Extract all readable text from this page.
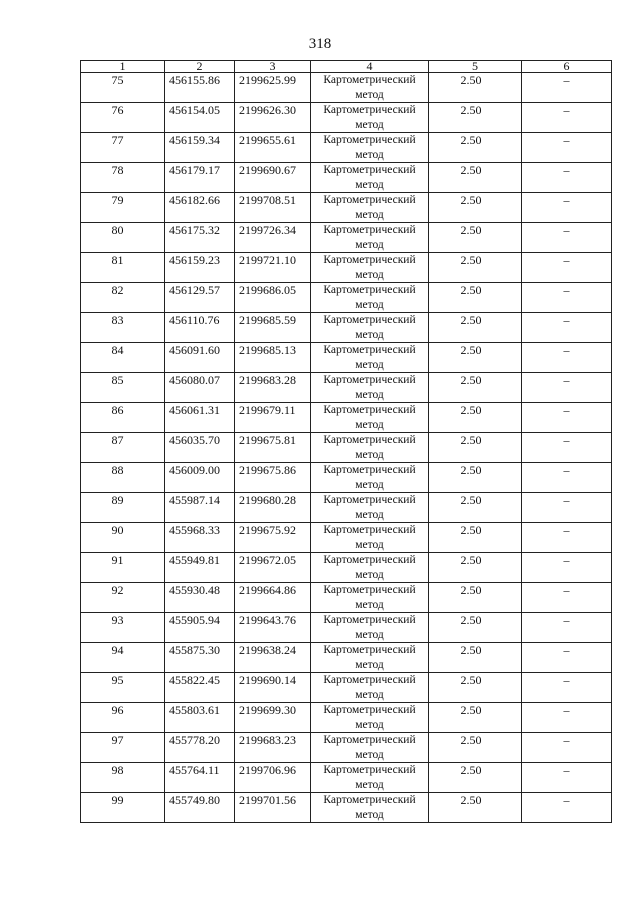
318
1	2	3	4	5	6
75	456155.86	2199625.99	Картометрический метод	2.50	–
76	456154.05	2199626.30	Картометрический метод	2.50	–
77	456159.34	2199655.61	Картометрический метод	2.50	–
78	456179.17	2199690.67	Картометрический метод	2.50	–
79	456182.66	2199708.51	Картометрический метод	2.50	–
80	456175.32	2199726.34	Картометрический метод	2.50	–
81	456159.23	2199721.10	Картометрический метод	2.50	–
82	456129.57	2199686.05	Картометрический метод	2.50	–
83	456110.76	2199685.59	Картометрический метод	2.50	–
84	456091.60	2199685.13	Картометрический метод	2.50	–
85	456080.07	2199683.28	Картометрический метод	2.50	–
86	456061.31	2199679.11	Картометрический метод	2.50	–
87	456035.70	2199675.81	Картометрический метод	2.50	–
88	456009.00	2199675.86	Картометрический метод	2.50	–
89	455987.14	2199680.28	Картометрический метод	2.50	–
90	455968.33	2199675.92	Картометрический метод	2.50	–
91	455949.81	2199672.05	Картометрический метод	2.50	–
92	455930.48	2199664.86	Картометрический метод	2.50	–
93	455905.94	2199643.76	Картометрический метод	2.50	–
94	455875.30	2199638.24	Картометрический метод	2.50	–
95	455822.45	2199690.14	Картометрический метод	2.50	–
96	455803.61	2199699.30	Картометрический метод	2.50	–
97	455778.20	2199683.23	Картометрический метод	2.50	–
98	455764.11	2199706.96	Картометрический метод	2.50	–
99	455749.80	2199701.56	Картометрический метод	2.50	–
